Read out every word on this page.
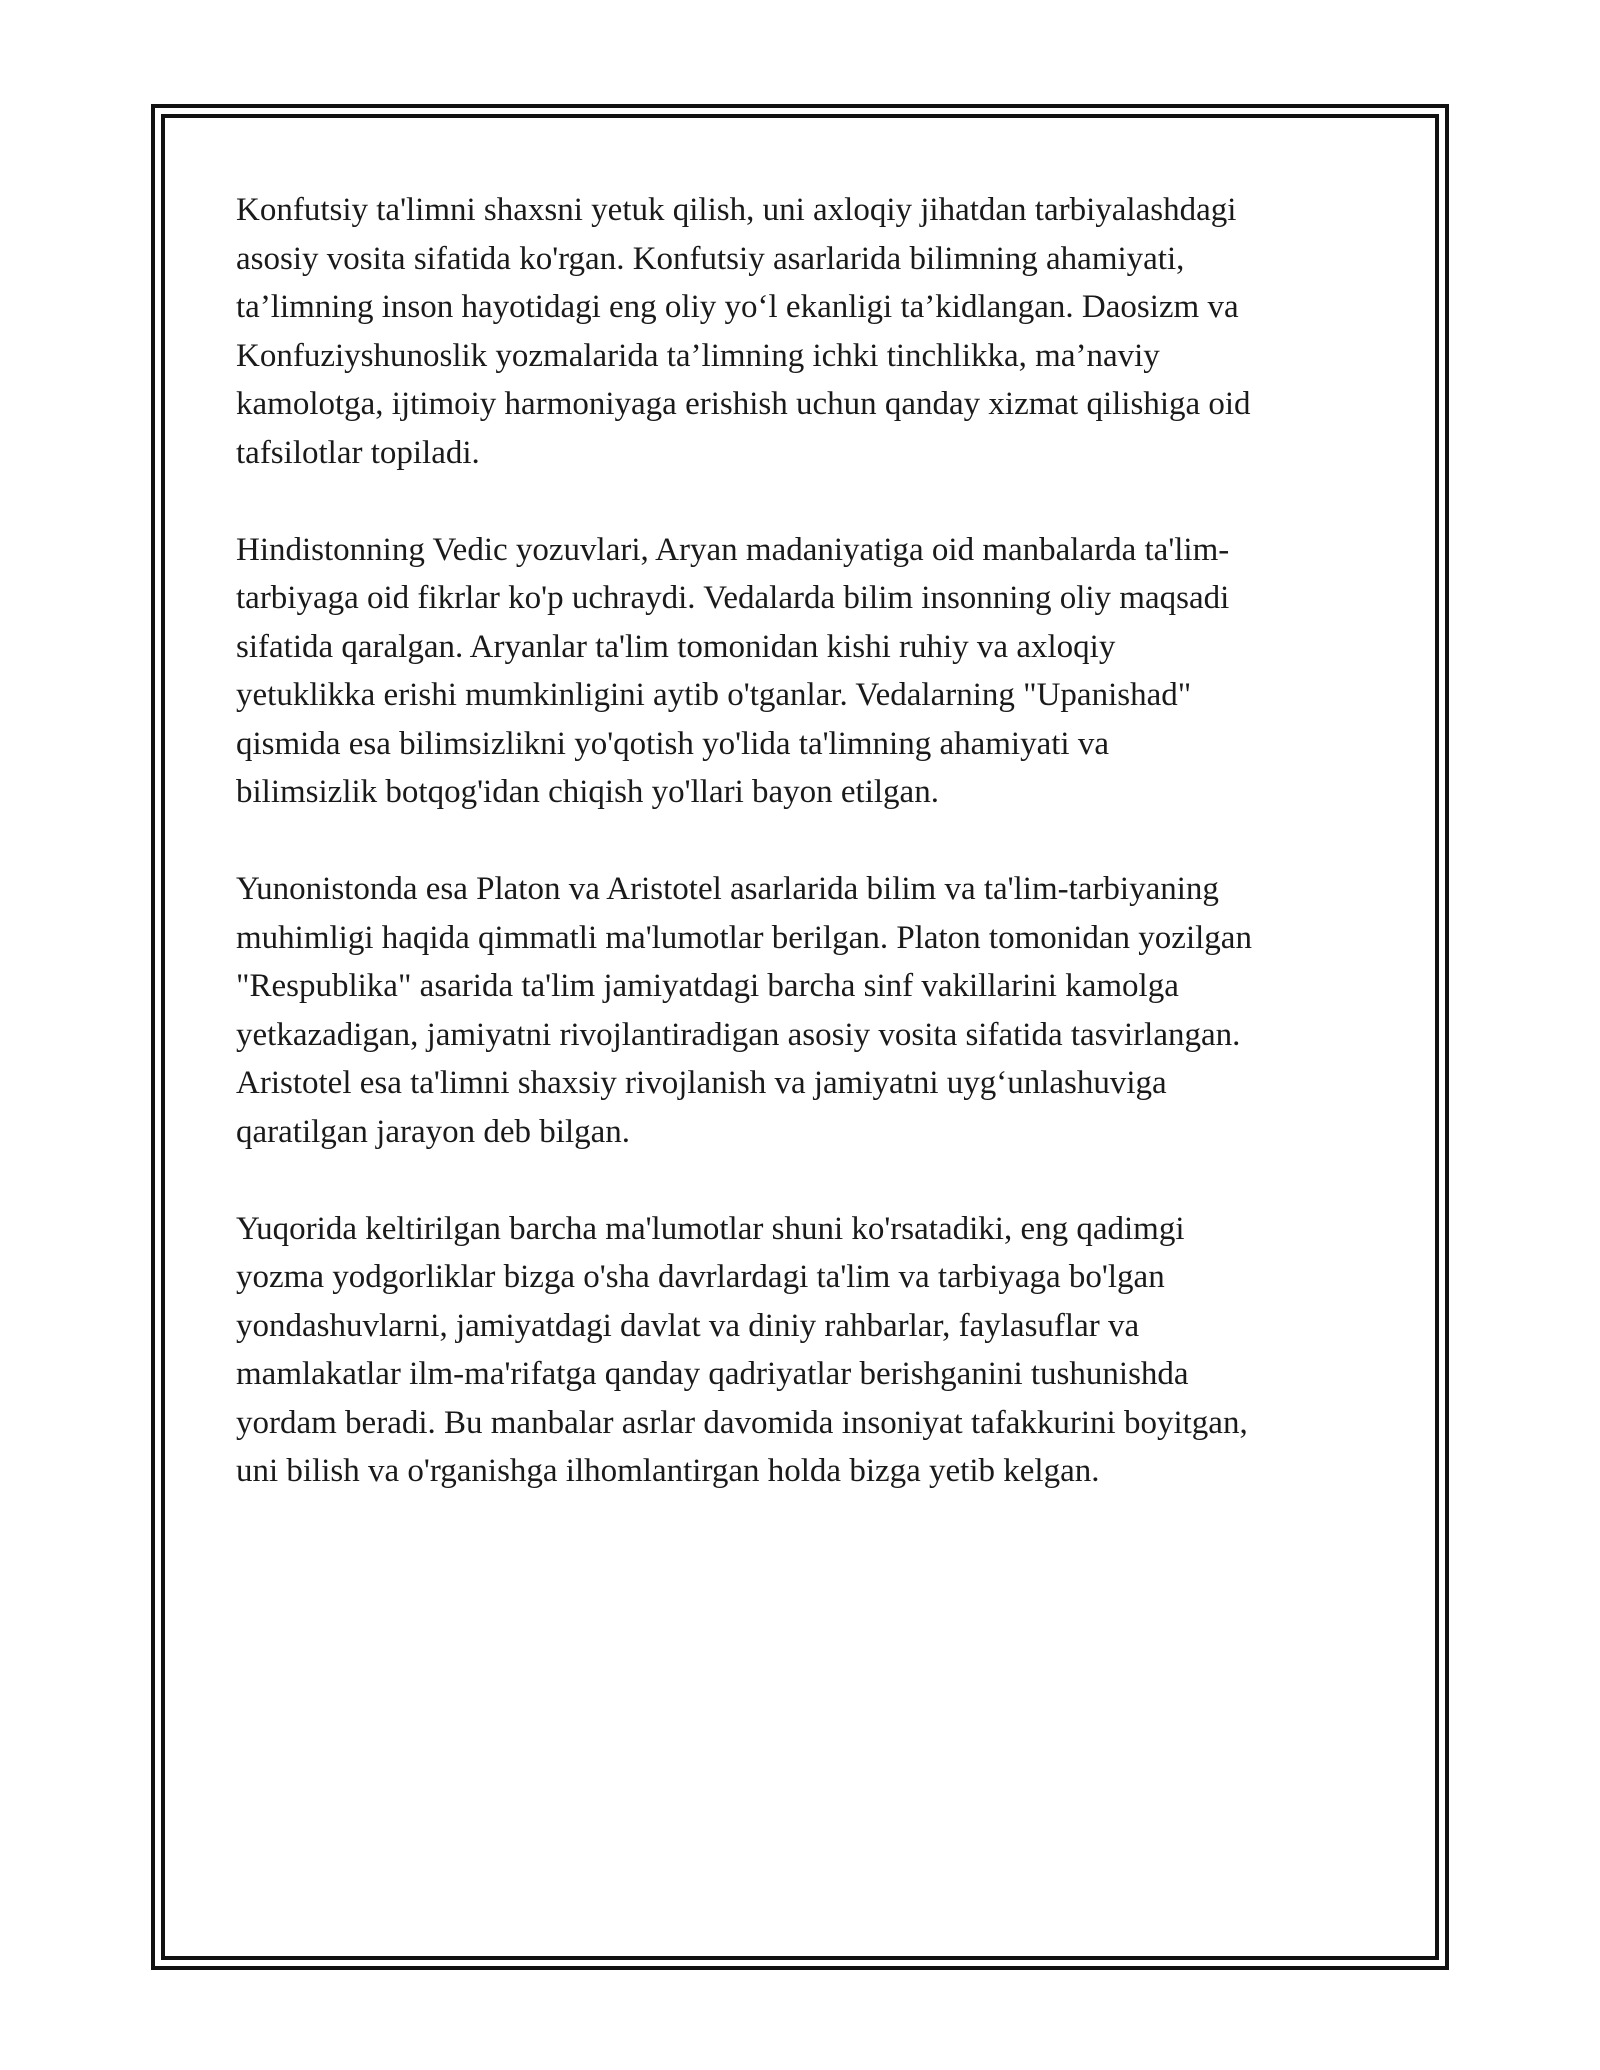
Konfutsiy ta'limni shaxsni yetuk qilish, uni axloqiy jihatdan tarbiyalashdagi
asosiy vosita sifatida ko'rgan. Konfutsiy asarlarida bilimning ahamiyati,
ta’limning inson hayotidagi eng oliy yo‘l ekanligi ta’kidlangan. Daosizm va
Konfuziyshunoslik yozmalarida ta’limning ichki tinchlikka, ma’naviy
kamolotga, ijtimoiy harmoniyaga erishish uchun qanday xizmat qilishiga oid
tafsilotlar topiladi.

Hindistonning Vedic yozuvlari, Aryan madaniyatiga oid manbalarda ta'lim-
tarbiyaga oid fikrlar ko'p uchraydi. Vedalarda bilim insonning oliy maqsadi
sifatida qaralgan. Aryanlar ta'lim tomonidan kishi ruhiy va axloqiy
yetuklikka erishi mumkinligini aytib o'tganlar. Vedalarning "Upanishad"
qismida esa bilimsizlikni yo'qotish yo'lida ta'limning ahamiyati va
bilimsizlik botqog'idan chiqish yo'llari bayon etilgan.

Yunonistonda esa Platon va Aristotel asarlarida bilim va ta'lim-tarbiyaning
muhimligi haqida qimmatli ma'lumotlar berilgan. Platon tomonidan yozilgan
"Respublika" asarida ta'lim jamiyatdagi barcha sinf vakillarini kamolga
yetkazadigan, jamiyatni rivojlantiradigan asosiy vosita sifatida tasvirlangan.
Aristotel esa ta'limni shaxsiy rivojlanish va jamiyatni uyg‘unlashuviga
qaratilgan jarayon deb bilgan.

Yuqorida keltirilgan barcha ma'lumotlar shuni ko'rsatadiki, eng qadimgi
yozma yodgorliklar bizga o'sha davrlardagi ta'lim va tarbiyaga bo'lgan
yondashuvlarni, jamiyatdagi davlat va diniy rahbarlar, faylasuflar va
mamlakatlar ilm-ma'rifatga qanday qadriyatlar berishganini tushunishda
yordam beradi. Bu manbalar asrlar davomida insoniyat tafakkurini boyitgan,
uni bilish va o'rganishga ilhomlantirgan holda bizga yetib kelgan.
